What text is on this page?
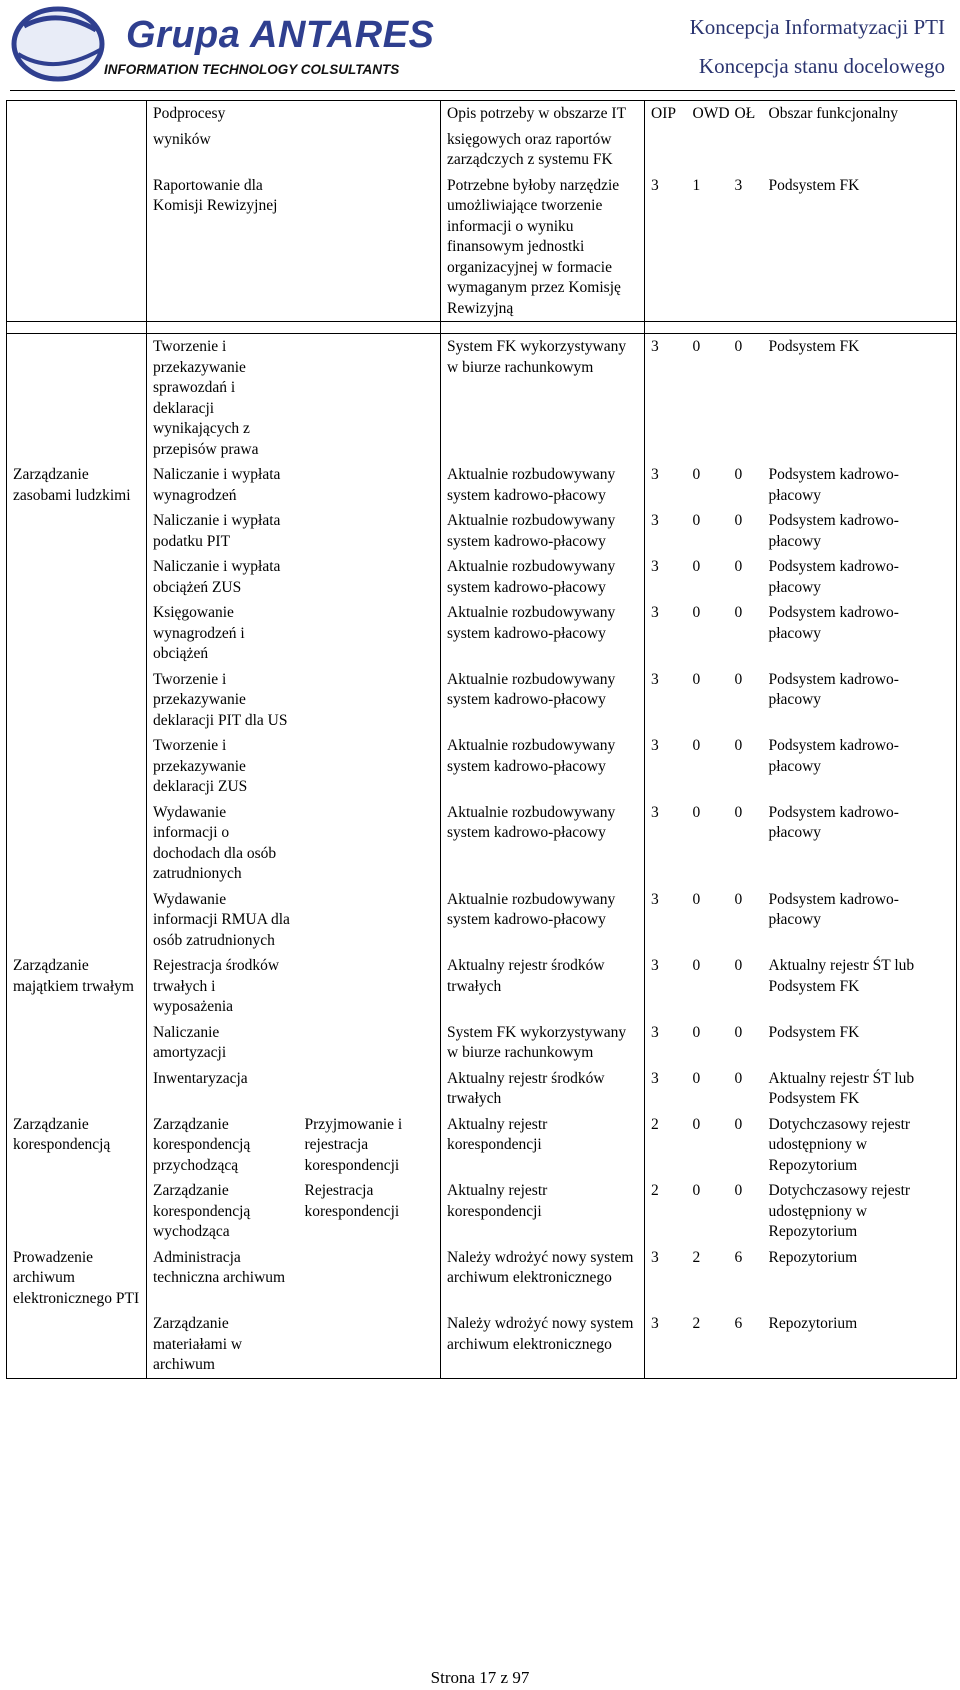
Grupa ANTARES
INFORMATION TECHNOLOGY COLSULTANTS
Koncepcja Informatyzacji PTI
Koncepcja stanu docelowego
	Podprocesy		Opis potrzeby w obszarze IT	OIP	OWD	OŁ	Obszar funkcjonalny
	wyników		księgowych oraz raportów zarządczych z systemu FK				
	Raportowanie dla Komisji Rewizyjnej		Potrzebne byłoby narzędzie umożliwiające tworzenie informacji o wyniku finansowym jednostki organizacyjnej w formacie wymaganym przez Komisję Rewizyjną	3	1	3	Podsystem FK

	Tworzenie i przekazywanie sprawozdań i deklaracji wynikających z przepisów prawa		System FK wykorzystywany w biurze rachunkowym	3	0	0	Podsystem FK
Zarządzanie zasobami ludzkimi	Naliczanie i wypłata wynagrodzeń		Aktualnie rozbudowywany system kadrowo-płacowy	3	0	0	Podsystem kadrowo-płacowy
	Naliczanie i wypłata podatku PIT		Aktualnie rozbudowywany system kadrowo-płacowy	3	0	0	Podsystem kadrowo-płacowy
	Naliczanie i wypłata obciążeń ZUS		Aktualnie rozbudowywany system kadrowo-płacowy	3	0	0	Podsystem kadrowo-płacowy
	Księgowanie wynagrodzeń i obciążeń		Aktualnie rozbudowywany system kadrowo-płacowy	3	0	0	Podsystem kadrowo-płacowy
	Tworzenie i przekazywanie deklaracji PIT dla US		Aktualnie rozbudowywany system kadrowo-płacowy	3	0	0	Podsystem kadrowo-płacowy
	Tworzenie i przekazywanie deklaracji ZUS		Aktualnie rozbudowywany system kadrowo-płacowy	3	0	0	Podsystem kadrowo-płacowy
	Wydawanie informacji o dochodach dla osób zatrudnionych		Aktualnie rozbudowywany system kadrowo-płacowy	3	0	0	Podsystem kadrowo-płacowy
	Wydawanie informacji RMUA dla osób zatrudnionych		Aktualnie rozbudowywany system kadrowo-płacowy	3	0	0	Podsystem kadrowo-płacowy
Zarządzanie majątkiem trwałym	Rejestracja środków trwałych i wyposażenia		Aktualny rejestr środków trwałych	3	0	0	Aktualny rejestr ŚT lub Podsystem FK
	Naliczanie amortyzacji		System FK wykorzystywany w biurze rachunkowym	3	0	0	Podsystem FK
	Inwentaryzacja		Aktualny rejestr środków trwałych	3	0	0	Aktualny rejestr ŚT lub Podsystem FK
Zarządzanie korespondencją	Zarządzanie korespondencją przychodzącą	Przyjmowanie i rejestracja korespondencji	Aktualny rejestr korespondencji	2	0	0	Dotychczasowy rejestr udostępniony w Repozytorium
	Zarządzanie korespondencją wychodząca	Rejestracja korespondencji	Aktualny rejestr korespondencji	2	0	0	Dotychczasowy rejestr udostępniony w Repozytorium
Prowadzenie archiwum elektronicznego PTI	Administracja techniczna archiwum		Należy wdrożyć nowy system archiwum elektronicznego	3	2	6	Repozytorium
	Zarządzanie materiałami w archiwum		Należy wdrożyć nowy system archiwum elektronicznego	3	2	6	Repozytorium
Strona 17 z 97
